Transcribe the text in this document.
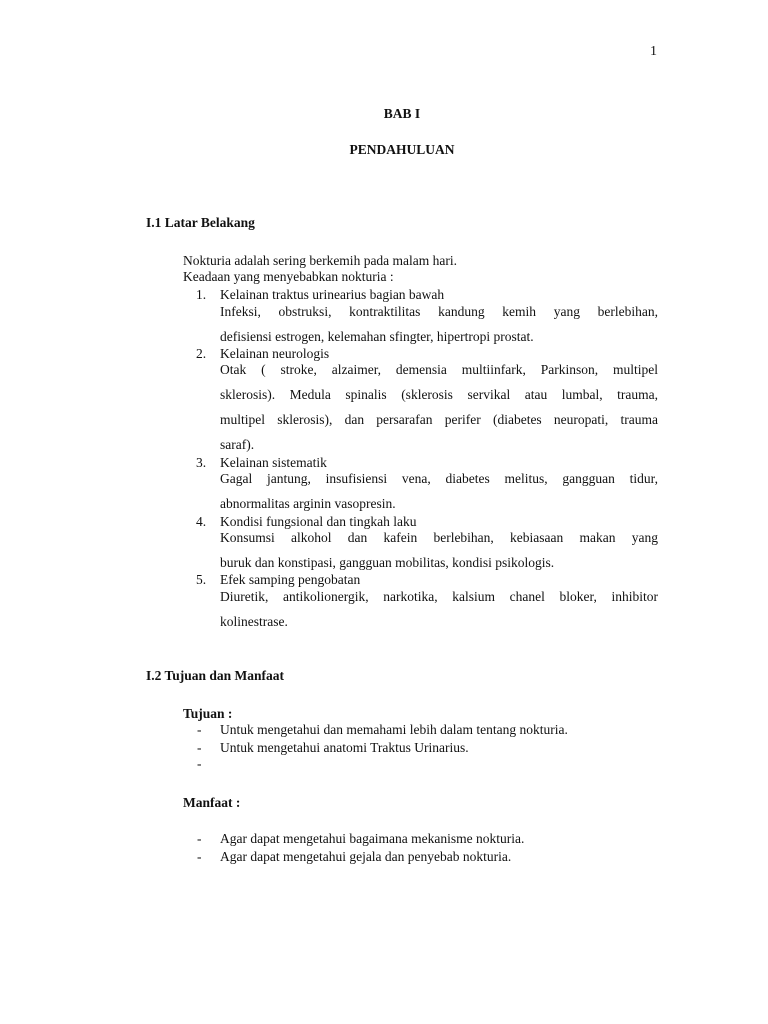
1
BAB I
PENDAHULUAN
I.1 Latar Belakang
Nokturia adalah sering berkemih pada malam hari.
Keadaan yang menyebabkan nokturia :
1. Kelainan traktus urinearius bagian bawah
Infeksi, obstruksi, kontraktilitas kandung kemih yang berlebihan,
defisiensi estrogen, kelemahan sfingter, hipertropi prostat.
2. Kelainan neurologis
Otak ( stroke, alzaimer, demensia multiinfark, Parkinson, multipel
sklerosis). Medula spinalis (sklerosis servikal atau lumbal, trauma,
multipel sklerosis), dan persarafan perifer (diabetes neuropati, trauma
saraf).
3. Kelainan sistematik
Gagal jantung, insufisiensi vena, diabetes melitus, gangguan tidur,
abnormalitas arginin vasopresin.
4. Kondisi fungsional dan tingkah laku
Konsumsi alkohol dan kafein berlebihan, kebiasaan makan yang
buruk dan konstipasi, gangguan mobilitas, kondisi psikologis.
5. Efek samping pengobatan
Diuretik, antikolionergik, narkotika, kalsium chanel bloker, inhibitor
kolinestrase.
I.2 Tujuan dan Manfaat
Tujuan :
- Untuk mengetahui dan memahami lebih dalam tentang nokturia.
- Untuk mengetahui anatomi Traktus Urinarius.
-
Manfaat :
- Agar dapat mengetahui bagaimana mekanisme nokturia.
- Agar dapat mengetahui gejala dan penyebab nokturia.
